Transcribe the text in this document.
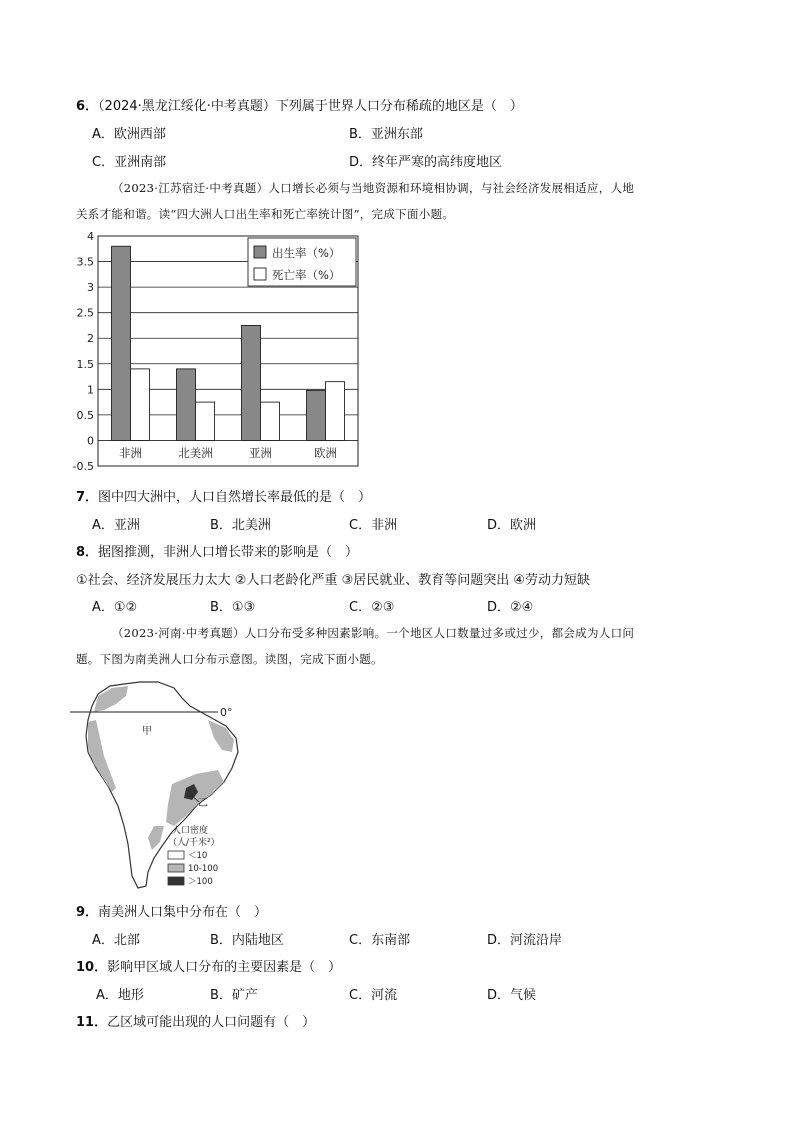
6．（2024·黑龙江绥化·中考真题）下列属于世界人口分布稀疏的地区是（　）
A．欧洲西部	B．亚洲东部
C．亚洲南部	D．终年严寒的高纬度地区
（2023·江苏宿迁·中考真题）人口增长必须与当地资源和环境相协调，与社会经济发展相适应，人地
关系才能和谐。读“四大洲人口出生率和死亡率统计图”，完成下面小题。
4
3.5
3
2.5
2
1.5
1
0.5
0
-0.5
非洲	北美洲	亚洲	欧洲
出生率（%）
死亡率（%）
7．图中四大洲中，人口自然增长率最低的是（　）
A．亚洲	B．北美洲	C．非洲	D．欧洲
8．据图推测，非洲人口增长带来的影响是（　）
①社会、经济发展压力太大 ②人口老龄化严重 ③居民就业、教育等问题突出 ④劳动力短缺
A．①②	B．①③	C．②③	D．②④
（2023·河南·中考真题）人口分布受多种因素影响。一个地区人口数量过多或过少，都会成为人口问
题。下图为南美洲人口分布示意图。读图，完成下面小题。
0°
甲
乙
人口密度
（人/千米²）
＜10
10-100
＞100
9．南美洲人口集中分布在（　）
A．北部	B．内陆地区	C．东南部	D．河流沿岸
10．影响甲区域人口分布的主要因素是（　）
A．地形	B．矿产	C．河流	D．气候
11．乙区域可能出现的人口问题有（　）
